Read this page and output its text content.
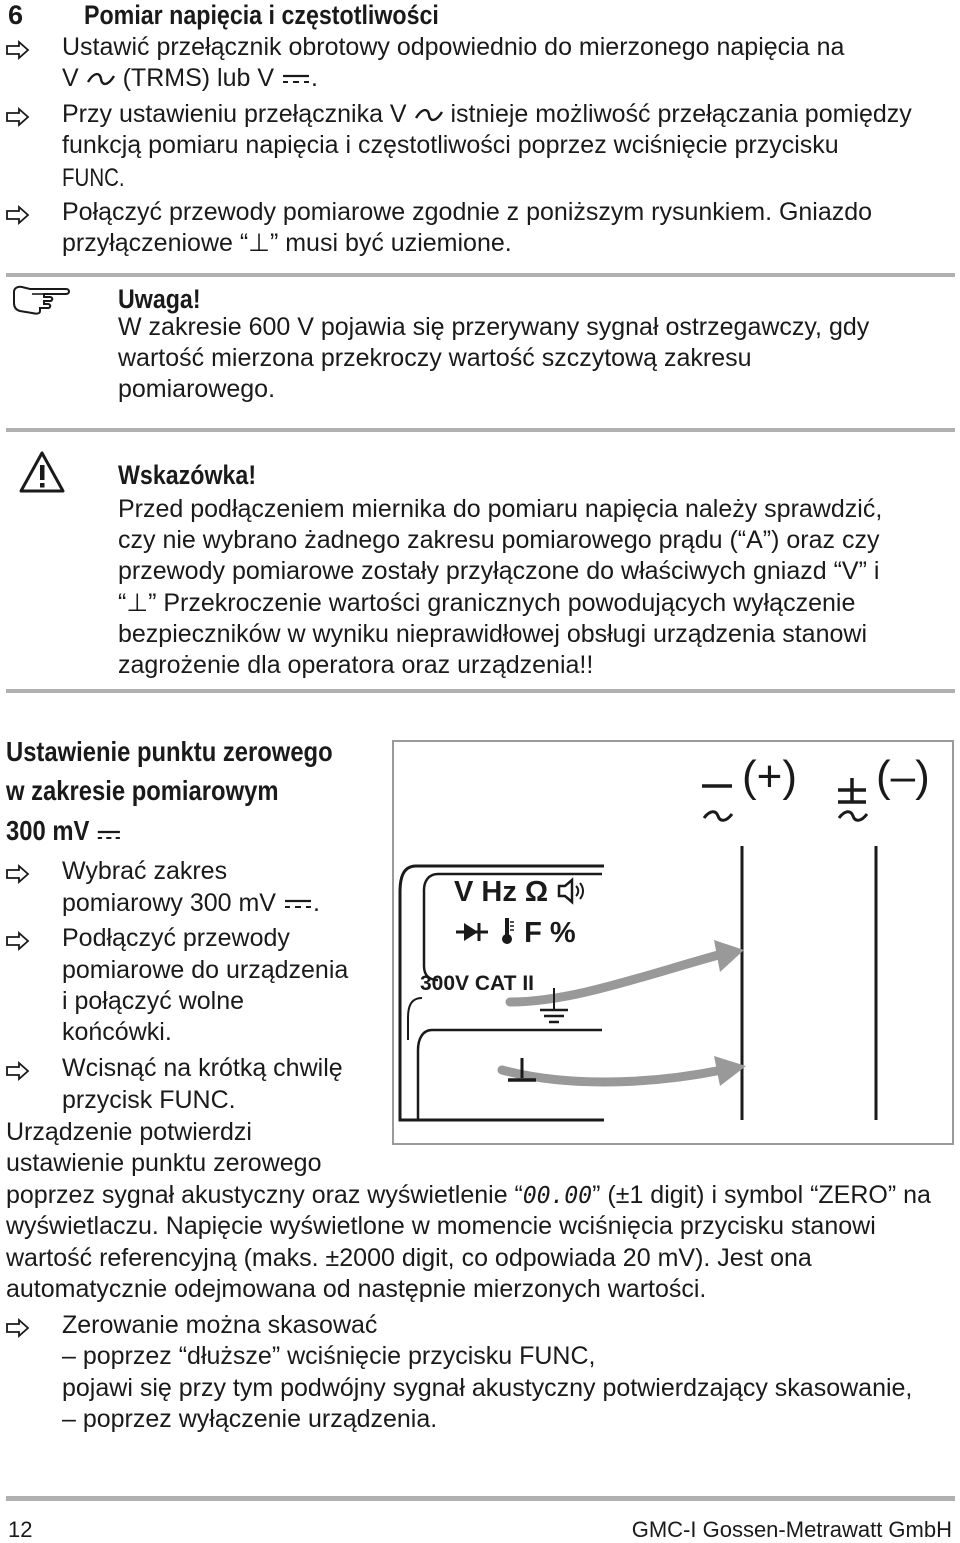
6 Pomiar napięcia i częstotliwości
Ustawić przełącznik obrotowy odpowiednio do mierzonego napięcia na
V (TRMS) lub V .
Przy ustawieniu przełącznika V istnieje możliwość przełączania pomiędzy
funkcją pomiaru napięcia i częstotliwości poprzez wciśnięcie przycisku
FUNC.
Połączyć przewody pomiarowe zgodnie z poniższym rysunkiem. Gniazdo
przyłączeniowe “⊥” musi być uziemione.
Uwaga!
W zakresie 600 V pojawia się przerywany sygnał ostrzegawczy, gdy
wartość mierzona przekroczy wartość szczytową zakresu
pomiarowego.
Wskazówka!
Przed podłączeniem miernika do pomiaru napięcia należy sprawdzić,
czy nie wybrano żadnego zakresu pomiarowego prądu (“A”) oraz czy
przewody pomiarowe zostały przyłączone do właściwych gniazd “V” i
“⊥” Przekroczenie wartości granicznych powodujących wyłączenie
bezpieczników w wyniku nieprawidłowej obsługi urządzenia stanowi
zagrożenie dla operatora oraz urządzenia!!
Ustawienie punktu zerowego
w zakresie pomiarowym
300 mV
Wybrać zakres
pomiarowy 300 mV .
Podłączyć przewody
pomiarowe do urządzenia
i połączyć wolne
końcówki.
Wcisnąć na krótką chwilę
przycisk FUNC.
Urządzenie potwierdzi
ustawienie punktu zerowego
poprzez sygnał akustyczny oraz wyświetlenie “00.00” (±1 digit) i symbol “ZERO” na
wyświetlaczu. Napięcie wyświetlone w momencie wciśnięcia przycisku stanowi
wartość referencyjną (maks. ±2000 digit, co odpowiada 20 mV). Jest ona
automatycznie odejmowana od następnie mierzonych wartości.
Zerowanie można skasować
– poprzez “dłuższe” wciśnięcie przycisku FUNC,
pojawi się przy tym podwójny sygnał akustyczny potwierdzający skasowanie,
– poprzez wyłączenie urządzenia.
V Hz Ω
F %
300V CAT II
(+) (–)
12	GMC-I Gossen-Metrawatt GmbH
